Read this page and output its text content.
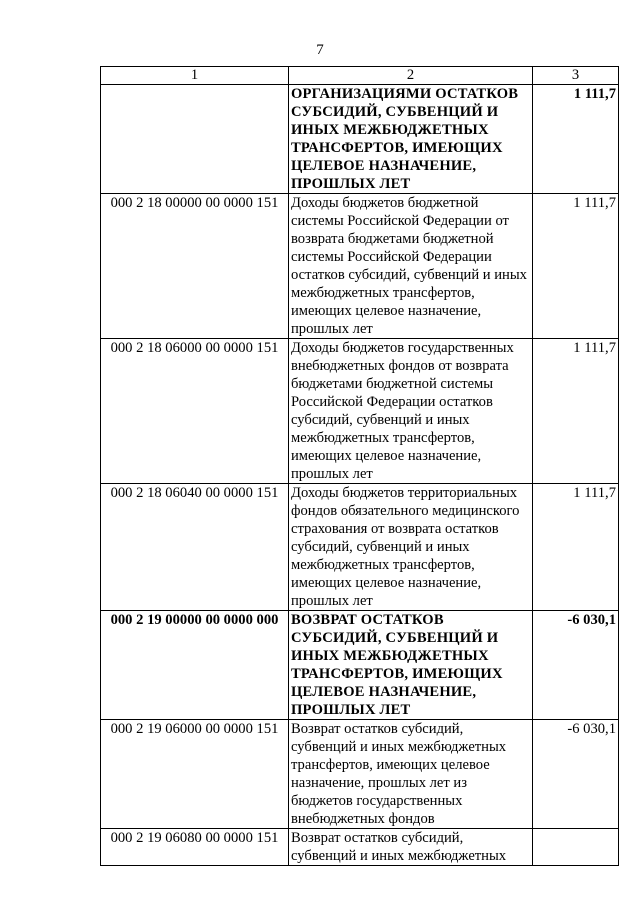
7
1	2	3
	ОРГАНИЗАЦИЯМИ ОСТАТКОВ СУБСИДИЙ, СУБВЕНЦИЙ И ИНЫХ МЕЖБЮДЖЕТНЫХ ТРАНСФЕРТОВ, ИМЕЮЩИХ ЦЕЛЕВОЕ НАЗНАЧЕНИЕ, ПРОШЛЫХ ЛЕТ	1 111,7
000 2 18 00000 00 0000 151	Доходы бюджетов бюджетной системы Российской Федерации от возврата бюджетами бюджетной системы Российской Федерации остатков субсидий, субвенций и иных межбюджетных трансфертов, имеющих целевое назначение, прошлых лет	1 111,7
000 2 18 06000 00 0000 151	Доходы бюджетов государственных внебюджетных фондов от возврата бюджетами бюджетной системы Российской Федерации остатков субсидий, субвенций и иных межбюджетных трансфертов, имеющих целевое назначение, прошлых лет	1 111,7
000 2 18 06040 00 0000 151	Доходы бюджетов территориальных фондов обязательного медицинского страхования от возврата остатков субсидий, субвенций и иных межбюджетных трансфертов, имеющих целевое назначение, прошлых лет	1 111,7
000 2 19 00000 00 0000 000	ВОЗВРАТ ОСТАТКОВ СУБСИДИЙ, СУБВЕНЦИЙ И ИНЫХ МЕЖБЮДЖЕТНЫХ ТРАНСФЕРТОВ, ИМЕЮЩИХ ЦЕЛЕВОЕ НАЗНАЧЕНИЕ, ПРОШЛЫХ ЛЕТ	-6 030,1
000 2 19 06000 00 0000 151	Возврат остатков субсидий, субвенций и иных межбюджетных трансфертов, имеющих целевое назначение, прошлых лет из бюджетов государственных внебюджетных фондов	-6 030,1
000 2 19 06080 00 0000 151	Возврат остатков субсидий, субвенций и иных межбюджетных	
